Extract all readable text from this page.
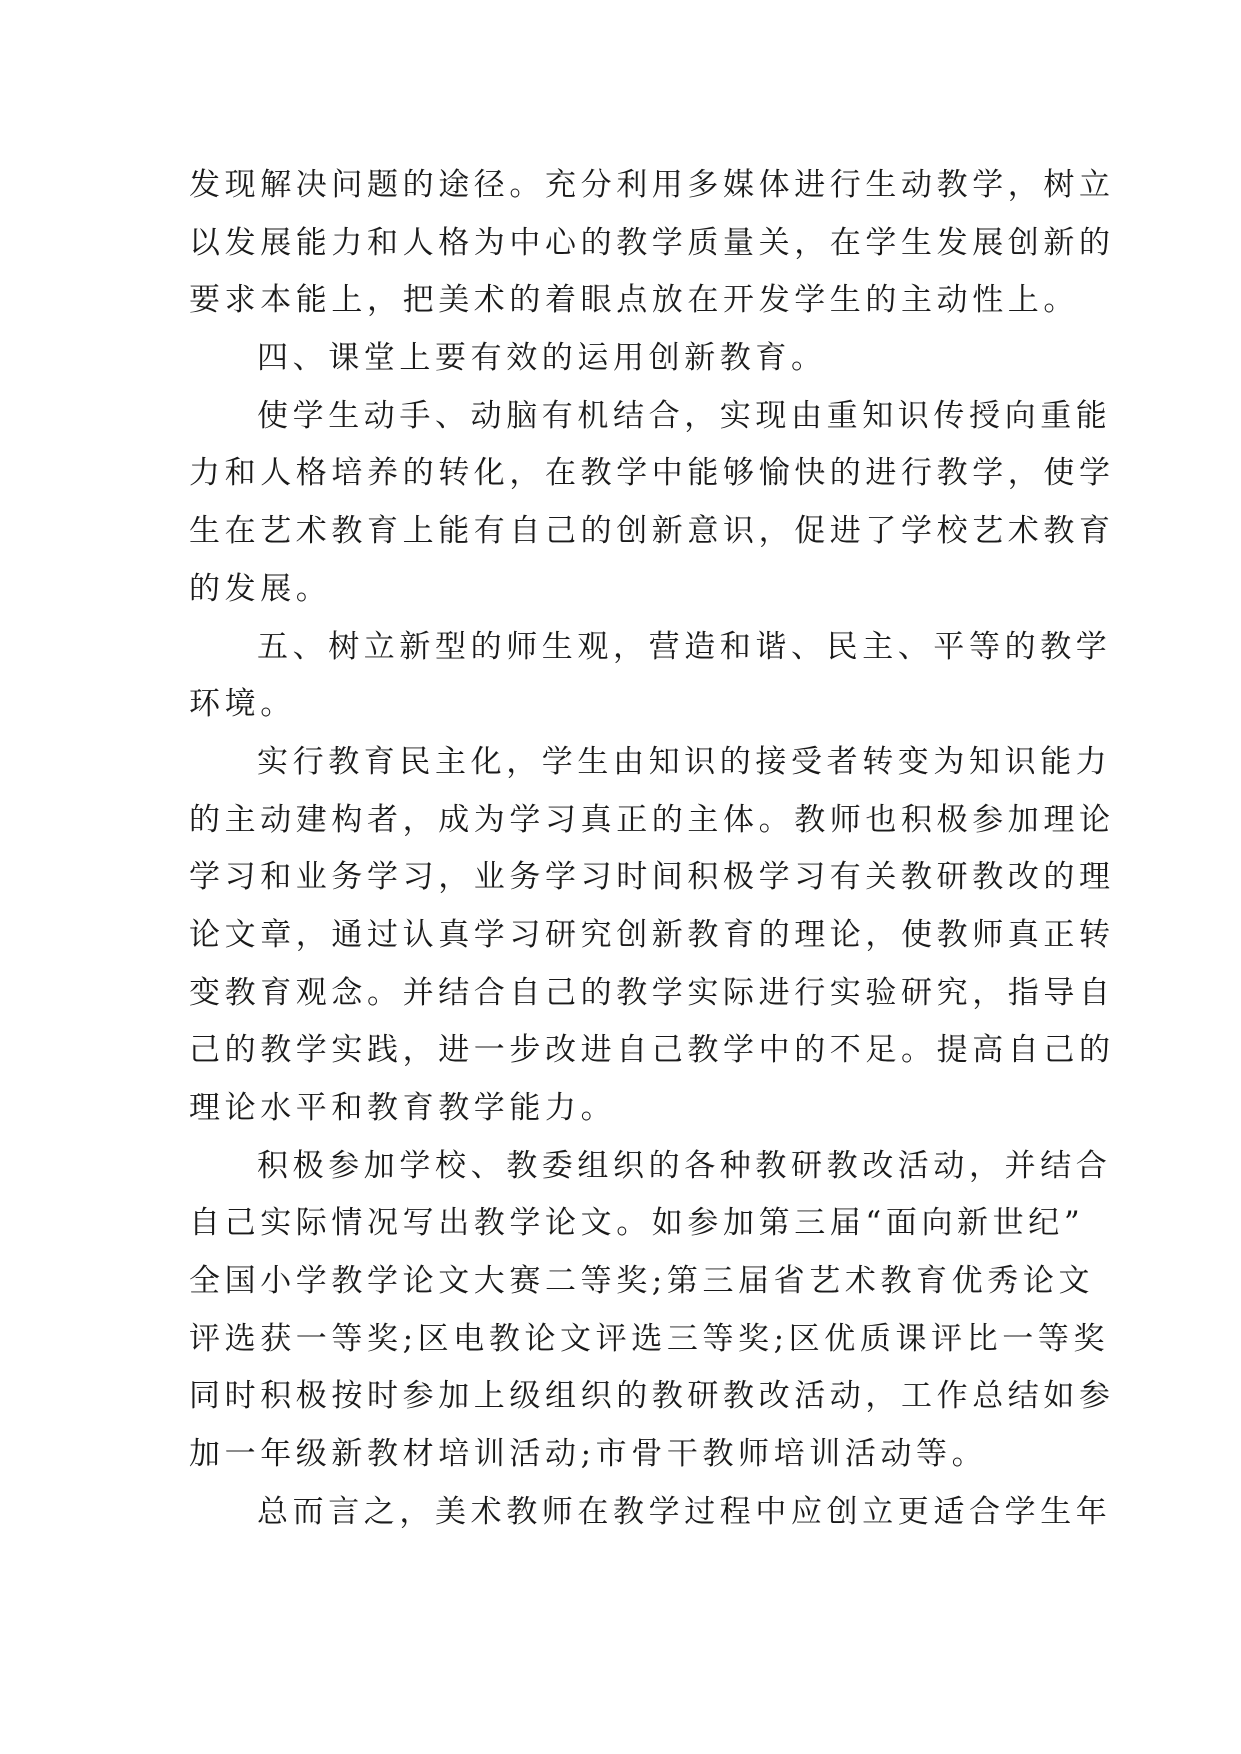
发现解决问题的途径。充分利用多媒体进行生动教学，树立
以发展能力和人格为中心的教学质量关，在学生发展创新的
要求本能上，把美术的着眼点放在开发学生的主动性上。
四、课堂上要有效的运用创新教育。
使学生动手、动脑有机结合，实现由重知识传授向重能
力和人格培养的转化，在教学中能够愉快的进行教学，使学
生在艺术教育上能有自己的创新意识，促进了学校艺术教育
的发展。
五、树立新型的师生观，营造和谐、民主、平等的教学
环境。
实行教育民主化，学生由知识的接受者转变为知识能力
的主动建构者，成为学习真正的主体。教师也积极参加理论
学习和业务学习，业务学习时间积极学习有关教研教改的理
论文章，通过认真学习研究创新教育的理论，使教师真正转
变教育观念。并结合自己的教学实际进行实验研究，指导自
己的教学实践，进一步改进自己教学中的不足。提高自己的
理论水平和教育教学能力。
积极参加学校、教委组织的各种教研教改活动，并结合
自己实际情况写出教学论文。如参加第三届“面向新世纪”
全国小学教学论文大赛二等奖;第三届省艺术教育优秀论文
评选获一等奖;区电教论文评选三等奖;区优质课评比一等奖
同时积极按时参加上级组织的教研教改活动，工作总结如参
加一年级新教材培训活动;市骨干教师培训活动等。
总而言之，美术教师在教学过程中应创立更适合学生年
